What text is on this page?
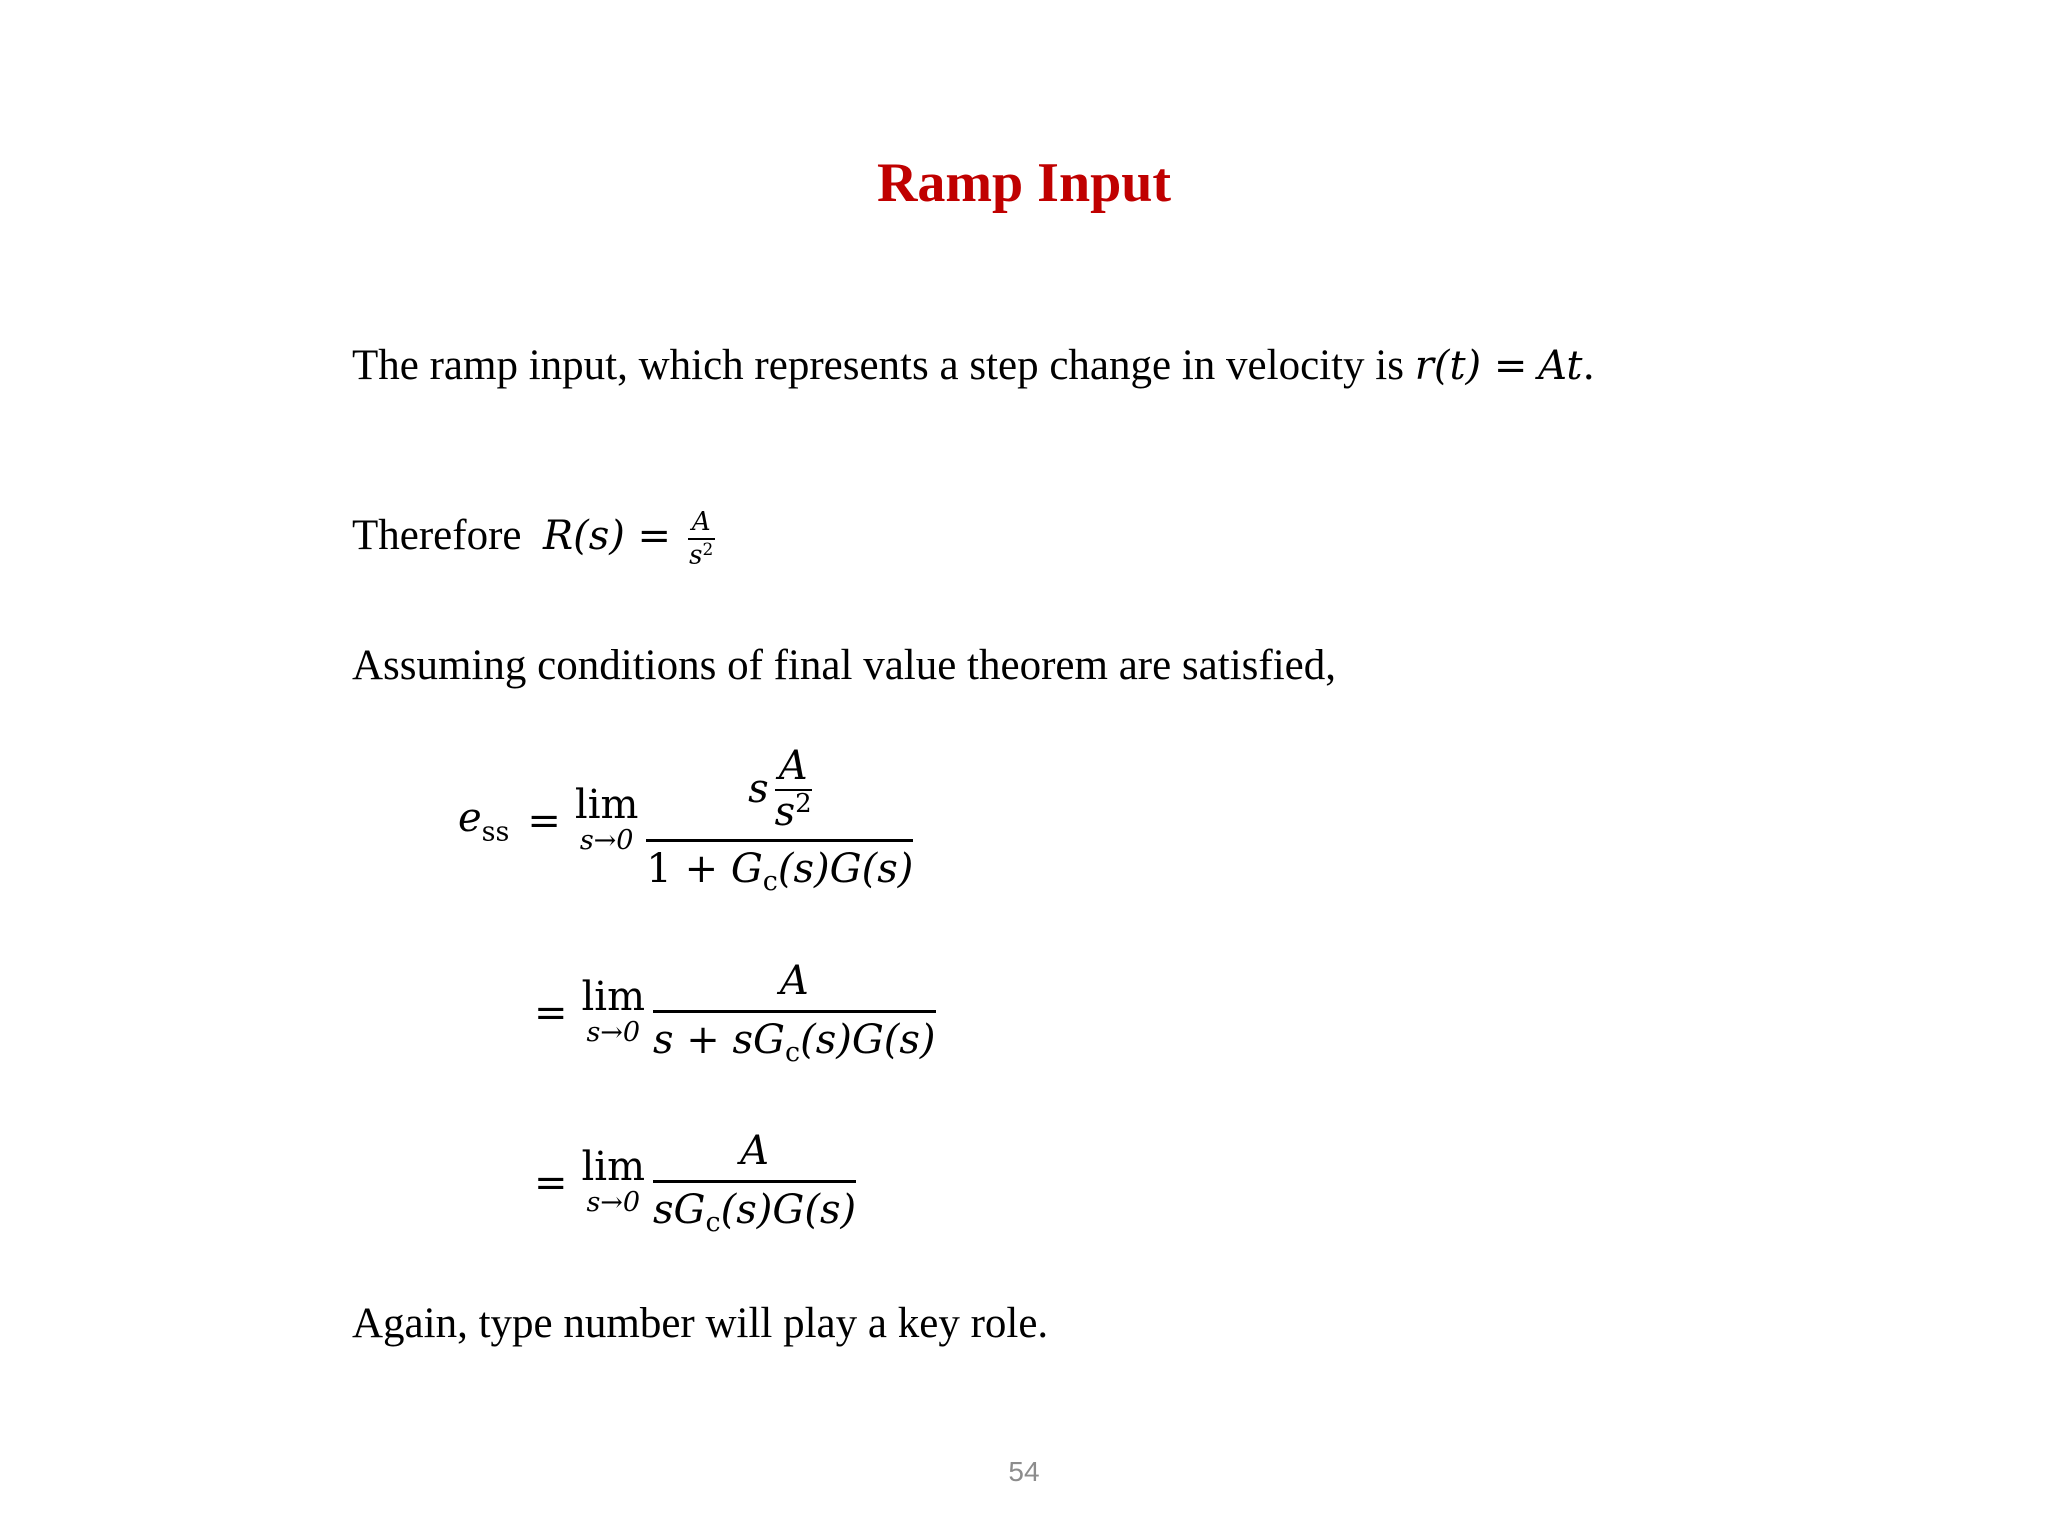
Ramp Input
The ramp input, which represents a step change in velocity is r(t) = At.
Therefore $R(s) = \frac{A}{s^2}$
Assuming conditions of final value theorem are satisfied,
$e_{ss} = \lim$
$s\to 0 \frac{s \frac{A}{s^2}}{1 + G_c(s)G(s)}$
= lim
$s\to 0 \frac{A}{s + sG_c(s)G(s)}$
= lim
$s\to 0 \frac{A}{sG_c(s)G(s)}$
Again, type number will play a key role.
54
